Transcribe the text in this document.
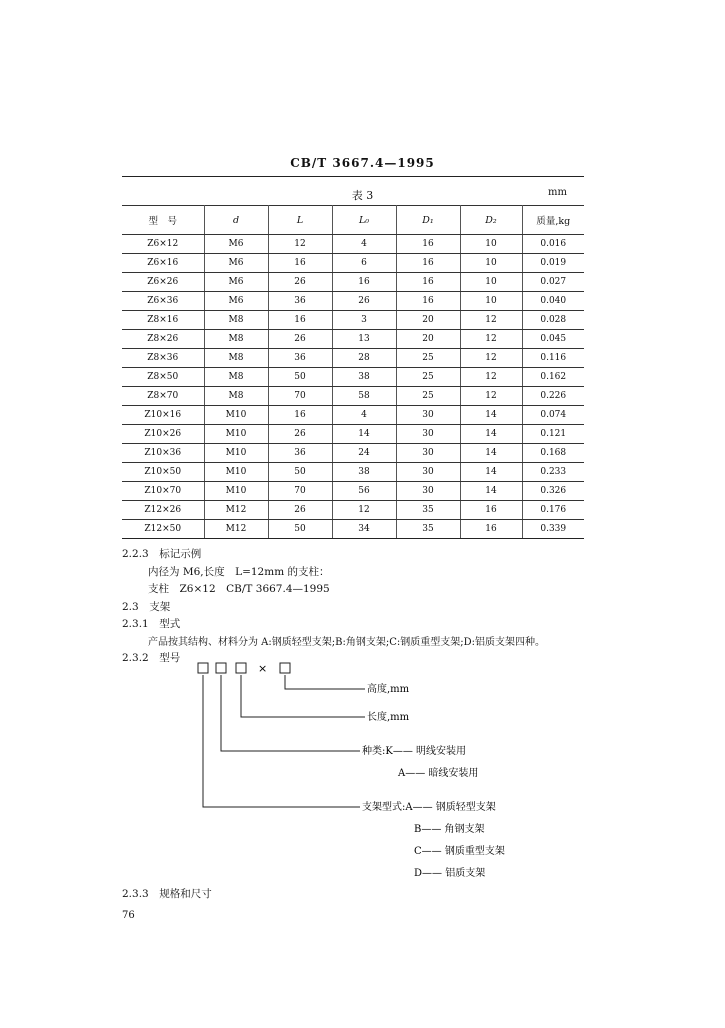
CB/T 3667.4—1995
表 3	mm
型　号	d	L	L₀	D₁	D₂	质量,kg
Z6×12	M6	12	4	16	10	0.016
Z6×16	M6	16	6	16	10	0.019
Z6×26	M6	26	16	16	10	0.027
Z6×36	M6	36	26	16	10	0.040
Z8×16	M8	16	3	20	12	0.028
Z8×26	M8	26	13	20	12	0.045
Z8×36	M8	36	28	25	12	0.116
Z8×50	M8	50	38	25	12	0.162
Z8×70	M8	70	58	25	12	0.226
Z10×16	M10	16	4	30	14	0.074
Z10×26	M10	26	14	30	14	0.121
Z10×36	M10	36	24	30	14	0.168
Z10×50	M10	50	38	30	14	0.233
Z10×70	M10	70	56	30	14	0.326
Z12×26	M12	26	12	35	16	0.176
Z12×50	M12	50	34	35	16	0.339
2.2.3　标记示例
内径为 M6,长度　L=12mm 的支柱：
支柱　Z6×12　CB/T 3667.4—1995
2.3　支架
2.3.1　型式
产品按其结构、材料分为 A:钢质轻型支架;B:角钢支架;C:钢质重型支架;D:铝质支架四种。
2.3.2　型号
×
高度,mm
长度,mm
种类:K—— 明线安装用
A—— 暗线安装用
支架型式:A—— 钢质轻型支架
B—— 角钢支架
C—— 钢质重型支架
D—— 铝质支架
2.3.3　规格和尺寸
76
